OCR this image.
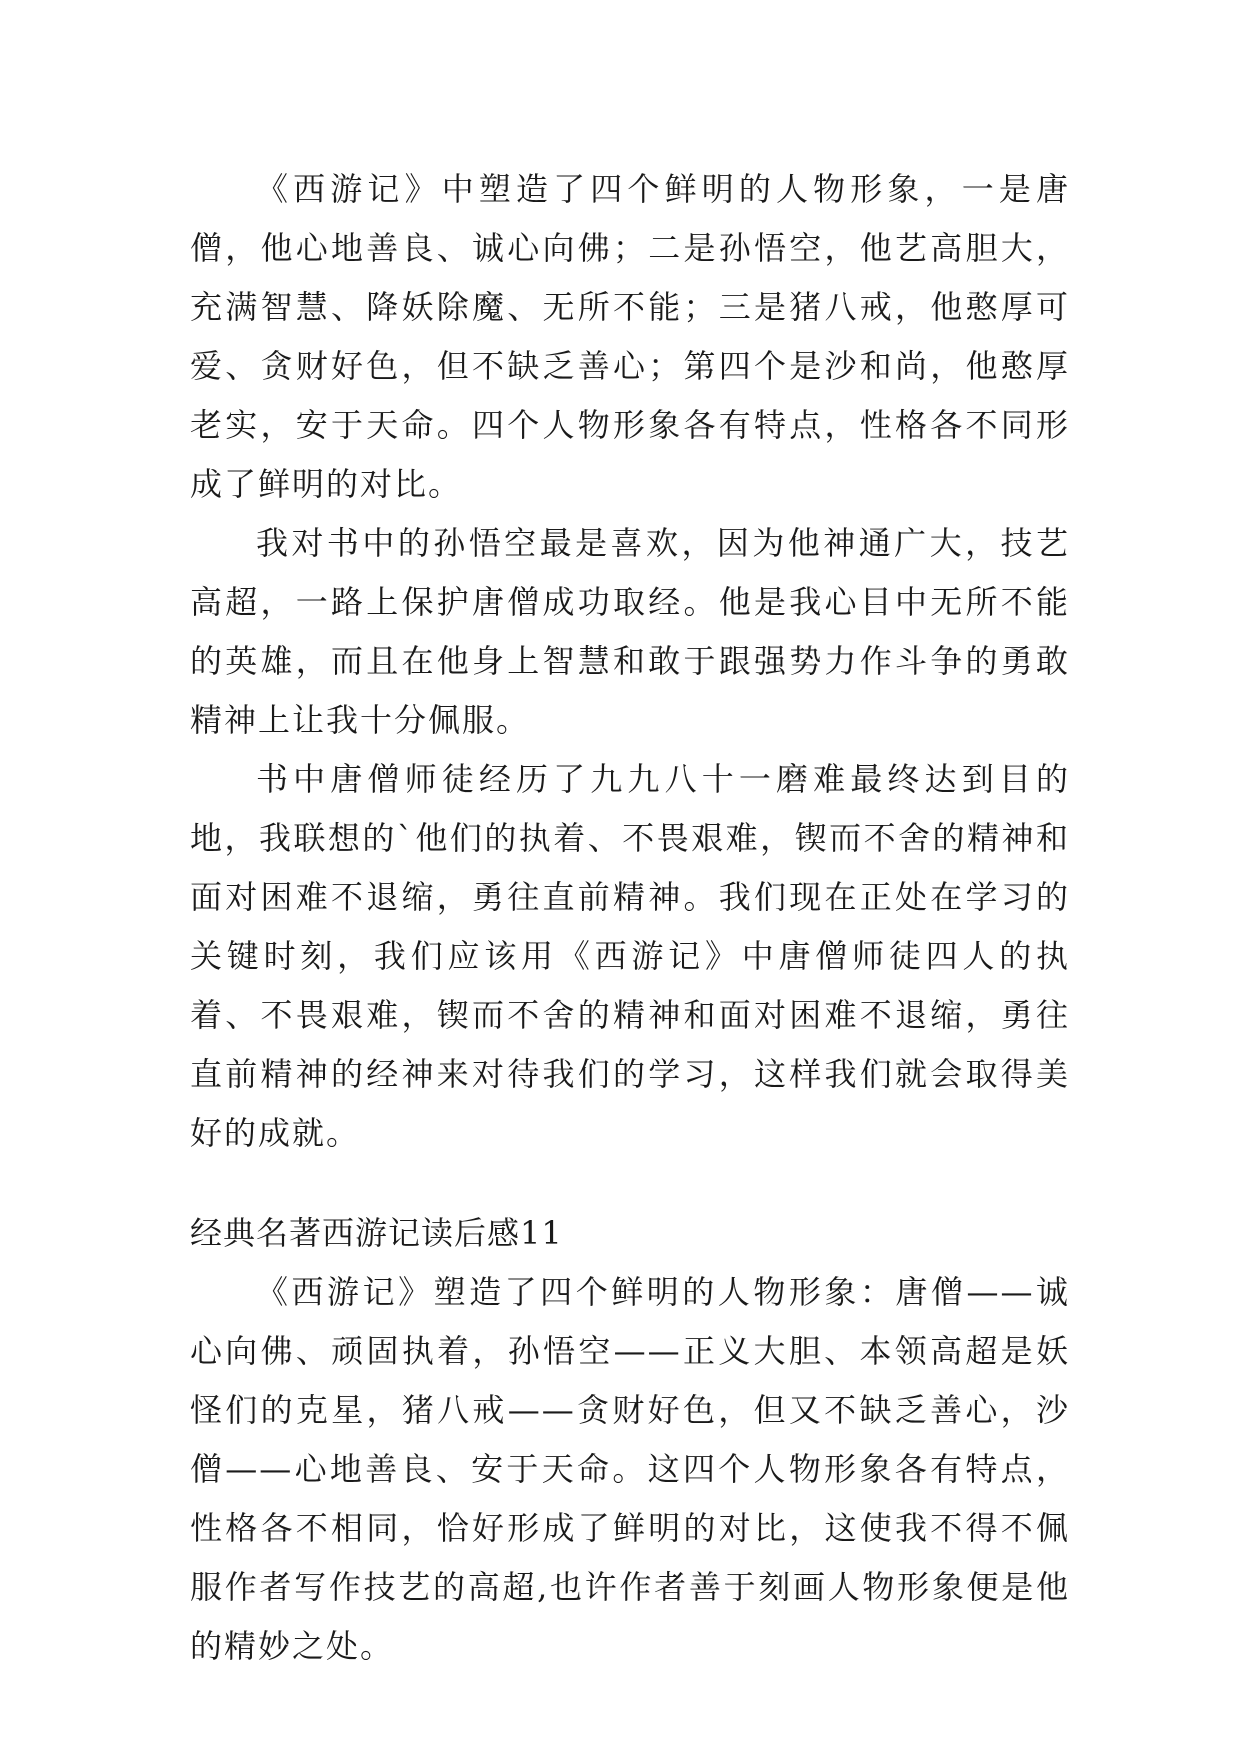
《西游记》中塑造了四个鲜明的人物形象，一是唐僧，他心地善良、诚心向佛；二是孙悟空，他艺高胆大，充满智慧、降妖除魔、无所不能；三是猪八戒，他憨厚可爱、贪财好色，但不缺乏善心；第四个是沙和尚，他憨厚老实，安于天命。四个人物形象各有特点，性格各不同形成了鲜明的对比。

我对书中的孙悟空最是喜欢，因为他神通广大，技艺高超，一路上保护唐僧成功取经。他是我心目中无所不能的英雄，而且在他身上智慧和敢于跟强势力作斗争的勇敢精神上让我十分佩服。

书中唐僧师徒经历了九九八十一磨难最终达到目的地，我联想的`他们的执着、不畏艰难，锲而不舍的精神和面对困难不退缩，勇往直前精神。我们现在正处在学习的关键时刻，我们应该用《西游记》中唐僧师徒四人的执着、不畏艰难，锲而不舍的精神和面对困难不退缩，勇往直前精神的经神来对待我们的学习，这样我们就会取得美好的成就。

经典名著西游记读后感11

《西游记》塑造了四个鲜明的人物形象：唐僧——诚心向佛、顽固执着，孙悟空——正义大胆、本领高超是妖怪们的克星，猪八戒——贪财好色，但又不缺乏善心，沙僧——心地善良、安于天命。这四个人物形象各有特点，性格各不相同，恰好形成了鲜明的对比，这使我不得不佩服作者写作技艺的高超,也许作者善于刻画人物形象便是他的精妙之处。
